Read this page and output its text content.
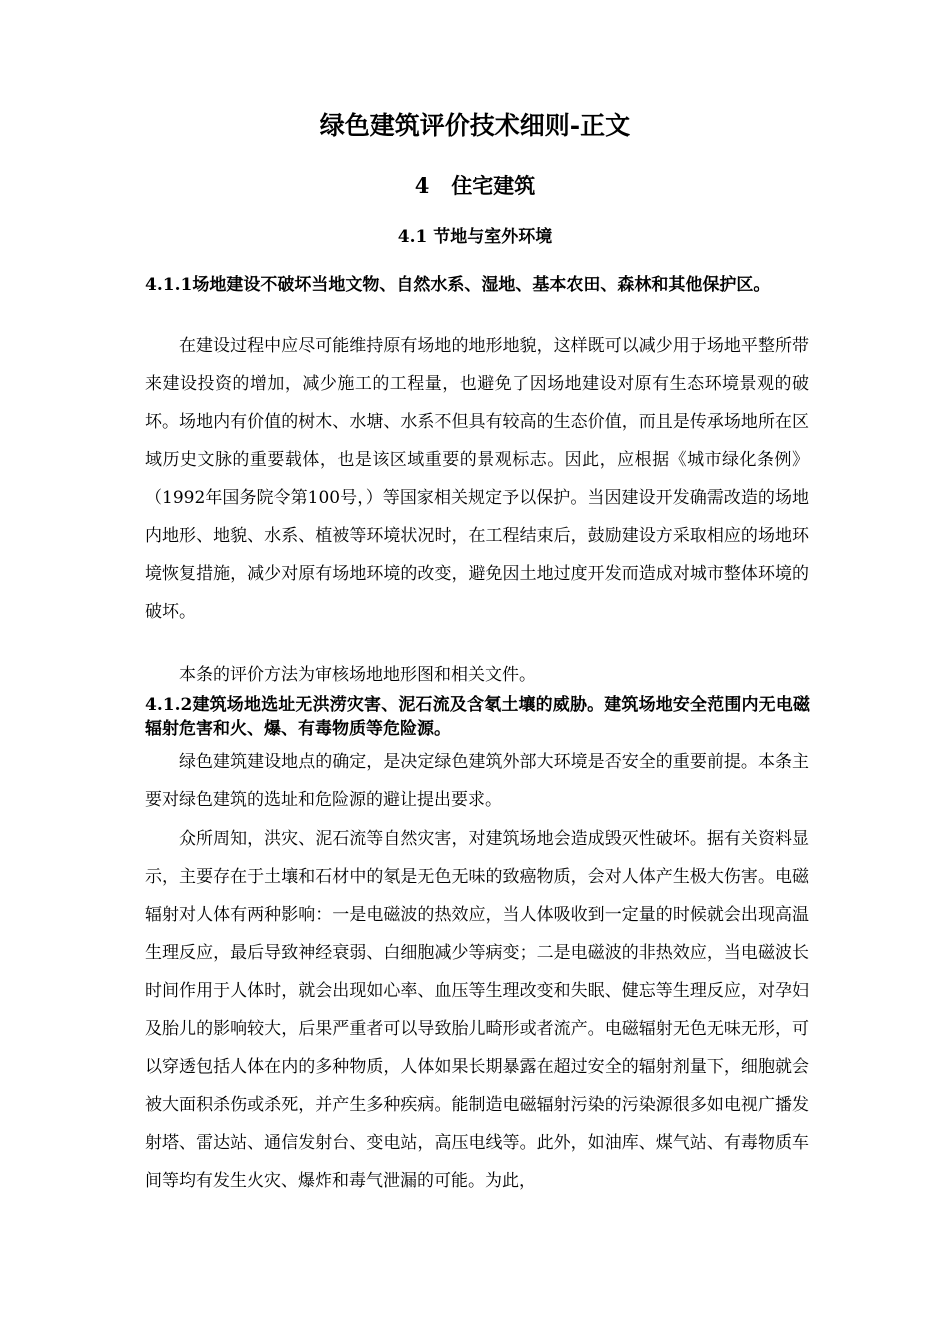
绿色建筑评价技术细则-正文
4   住宅建筑
4.1 节地与室外环境
4.1.1场地建设不破坏当地文物、自然水系、湿地、基本农田、森林和其他保护区。
在建设过程中应尽可能维持原有场地的地形地貌，这样既可以减少用于场地平整所带来建设投资的增加，减少施工的工程量，也避免了因场地建设对原有生态环境景观的破坏。场地内有价值的树木、水塘、水系不但具有较高的生态价值，而且是传承场地所在区域历史文脉的重要载体，也是该区域重要的景观标志。因此，应根据《城市绿化条例》（1992年国务院令第100号，）等国家相关规定予以保护。当因建设开发确需改造的场地内地形、地貌、水系、植被等环境状况时，在工程结束后，鼓励建设方采取相应的场地环境恢复措施，减少对原有场地环境的改变，避免因土地过度开发而造成对城市整体环境的破坏。
本条的评价方法为审核场地地形图和相关文件。
4.1.2建筑场地选址无洪涝灾害、泥石流及含氡土壤的威胁。建筑场地安全范围内无电磁辐射危害和火、爆、有毒物质等危险源。
绿色建筑建设地点的确定，是决定绿色建筑外部大环境是否安全的重要前提。本条主要对绿色建筑的选址和危险源的避让提出要求。
众所周知，洪灾、泥石流等自然灾害，对建筑场地会造成毁灭性破坏。据有关资料显示，主要存在于土壤和石材中的氡是无色无味的致癌物质，会对人体产生极大伤害。电磁辐射对人体有两种影响：一是电磁波的热效应，当人体吸收到一定量的时候就会出现高温生理反应，最后导致神经衰弱、白细胞减少等病变；二是电磁波的非热效应，当电磁波长时间作用于人体时，就会出现如心率、血压等生理改变和失眠、健忘等生理反应，对孕妇及胎儿的影响较大，后果严重者可以导致胎儿畸形或者流产。电磁辐射无色无味无形，可以穿透包括人体在内的多种物质，人体如果长期暴露在超过安全的辐射剂量下，细胞就会被大面积杀伤或杀死，并产生多种疾病。能制造电磁辐射污染的污染源很多如电视广播发射塔、雷达站、通信发射台、变电站，高压电线等。此外，如油库、煤气站、有毒物质车间等均有发生火灾、爆炸和毒气泄漏的可能。为此，
